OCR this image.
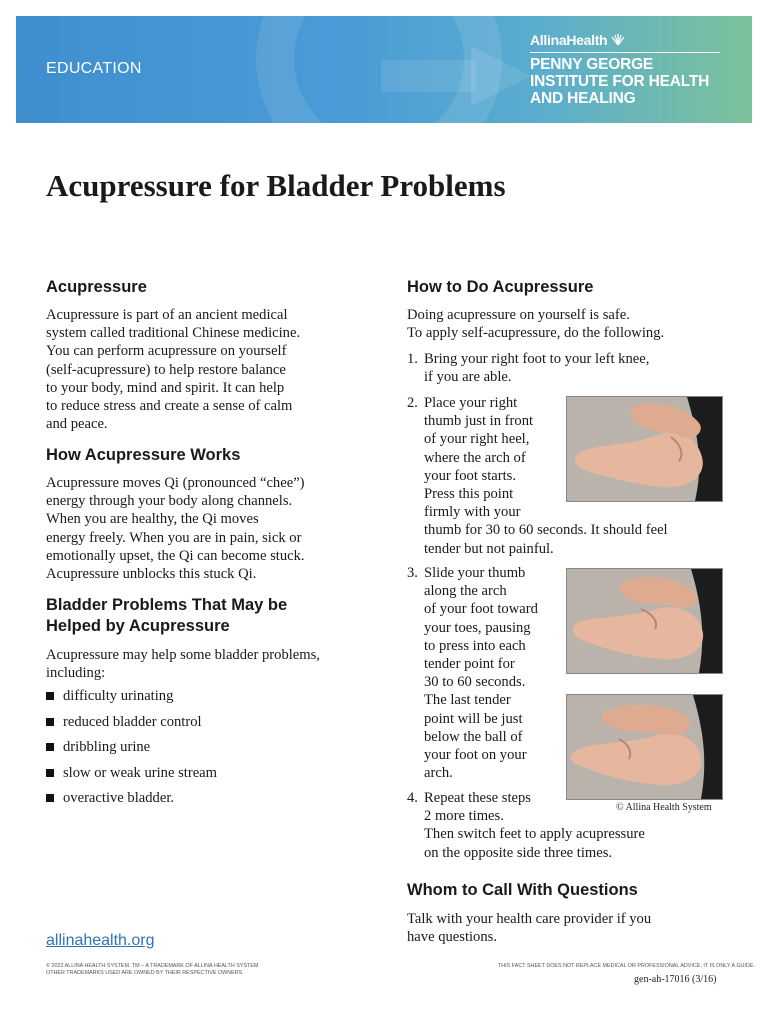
EDUCATION
AllinaHealth
PENNY GEORGE
INSTITUTE FOR HEALTH
AND HEALING
Acupressure for Bladder Problems
Acupressure

Acupressure is part of an ancient medical

system called traditional Chinese medicine.

You can perform acupressure on yourself

(self-acupressure) to help restore balance

to your body, mind and spirit. It can help

to reduce stress and create a sense of calm

and peace.

How Acupressure Works

Acupressure moves Qi (pronounced “chee”)

energy through your body along channels.

When you are healthy, the Qi moves

energy freely. When you are in pain, sick or

emotionally upset, the Qi can become stuck.

Acupressure unblocks this stuck Qi.

Bladder Problems That May be
Helped by Acupressure

Acupressure may help some bladder problems,

including:

difficulty urinating
reduced bladder control
dribbling urine
slow or weak urine stream
overactive bladder.
How to Do Acupressure

Doing acupressure on yourself is safe.

To apply self-acupressure, do the following.

1. Bring your right foot to your left knee,

if you are able.

2. Place your right

thumb just in front

of your right heel,

where the arch of

your foot starts.

Press this point

firmly with your

thumb for 30 to 60 seconds. It should feel

tender but not painful.

3. Slide your thumb

along the arch

of your foot toward

your toes, pausing

to press into each

tender point for

30 to 60 seconds.

The last tender

point will be just

below the ball of

your foot on your

arch.

4. Repeat these steps

2 more times.

Then switch feet to apply acupressure

on the opposite side three times.

Whom to Call With Questions

Talk with your health care provider if you

have questions.

© Allina Health System
allinahealth.org
© 2022 ALLINA HEALTH SYSTEM. TM – A TRADEMARK OF ALLINA HEALTH SYSTEM
OTHER TRADEMARKS USED ARE OWNED BY THEIR RESPECTIVE OWNERS
THIS FACT SHEET DOES NOT REPLACE MEDICAL OR PROFESSIONAL ADVICE; IT IS ONLY A GUIDE.
gen-ah-17016 (3/16)
